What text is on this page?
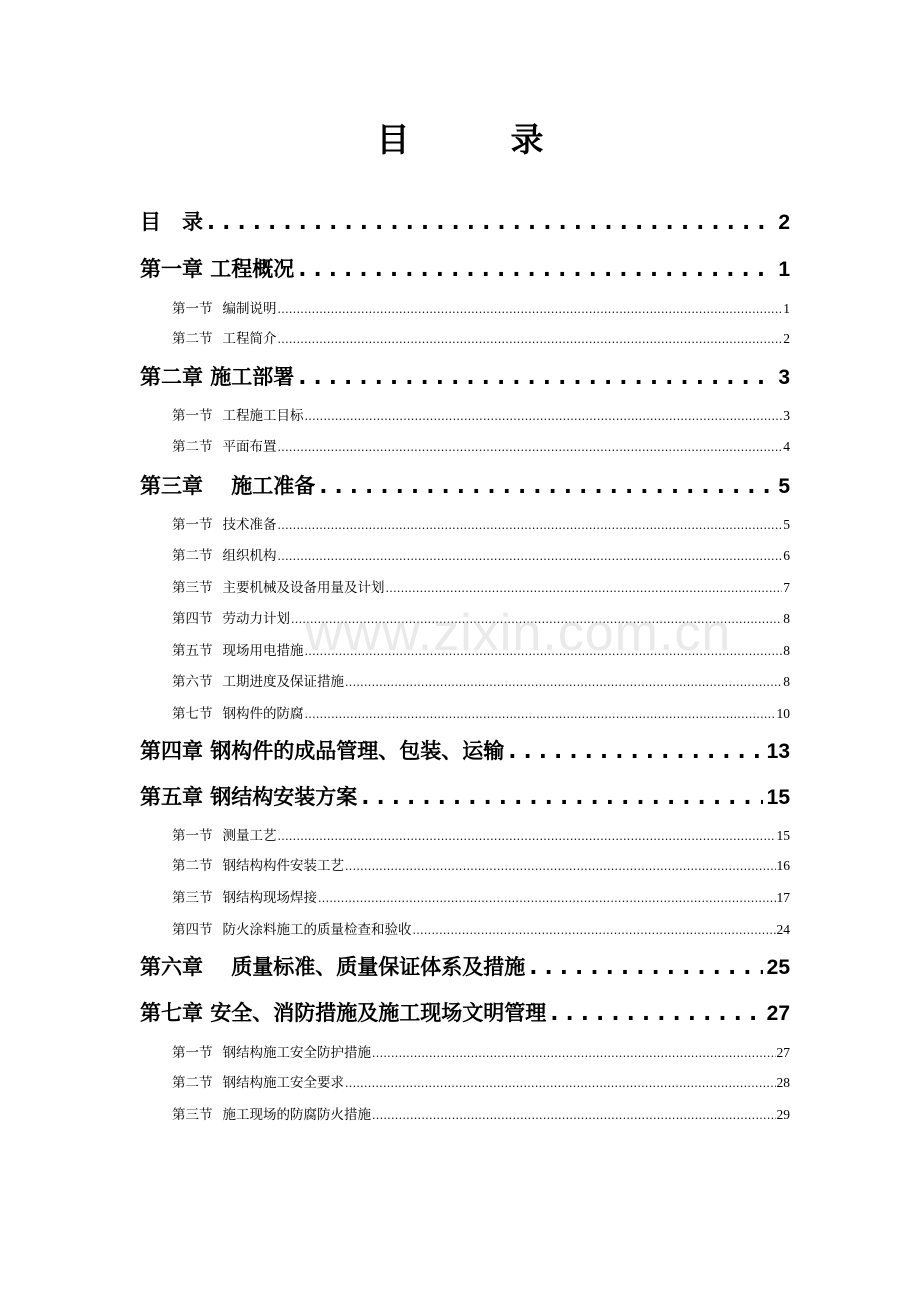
目　录
目　录 . . .	2
第一章 工程概况 . . .	1
第一节 编制说明 .....	1
第二节 工程简介 .....	2
第二章 施工部署 . . .	3
第一节 工程施工目标 .....	3
第二节 平面布置 .....	4
第三章　 施工准备 . . .	5
第一节 技术准备 .....	5
第二节 组织机构 .....	6
第三节 主要机械及设备用量及计划 .....	7
第四节 劳动力计划 .....	8
第五节 现场用电措施 .....	8
第六节 工期进度及保证措施 .....	8
第七节 钢构件的防腐 .....	10
第四章 钢构件的成品管理、包装、运输 . . .	13
第五章 钢结构安装方案 . . .	15
第一节 测量工艺 .....	15
第二节 钢结构构件安装工艺 .....	16
第三节 钢结构现场焊接 .....	17
第四节 防火涂料施工的质量检查和验收 .....	24
第六章　 质量标准、质量保证体系及措施 . . .	25
第七章 安全、消防措施及施工现场文明管理 . . .	27
第一节 钢结构施工安全防护措施 .....	27
第二节 钢结构施工安全要求 .....	28
第三节 施工现场的防腐防火措施 .....	29
www.zixin.com.cn
